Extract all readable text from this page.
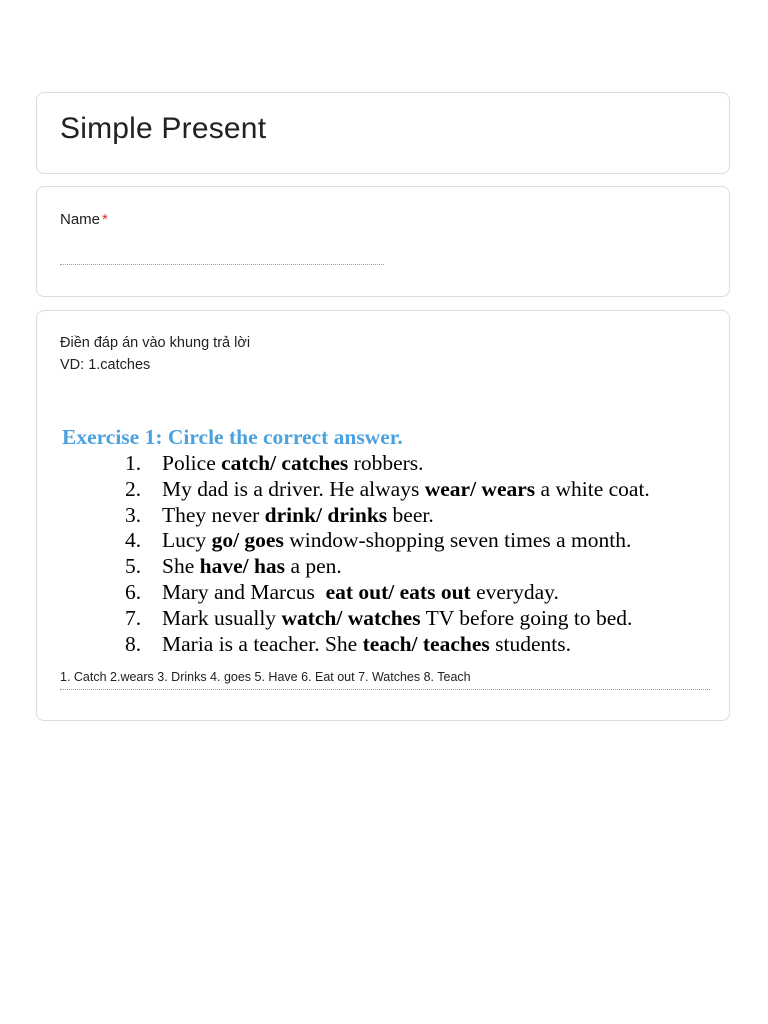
Simple Present
Name *
Điền đáp án vào khung trả lời
VD: 1.catches
Exercise 1: Circle the correct answer.
1. Police catch/ catches robbers.
2. My dad is a driver. He always wear/ wears a white coat.
3. They never drink/ drinks beer.
4. Lucy go/ goes window-shopping seven times a month.
5. She have/ has a pen.
6. Mary and Marcus  eat out/ eats out everyday.
7. Mark usually watch/ watches TV before going to bed.
8. Maria is a teacher. She teach/ teaches students.
1. Catch 2.wears 3. Drinks 4. goes 5. Have 6. Eat out 7. Watches 8. Teach
